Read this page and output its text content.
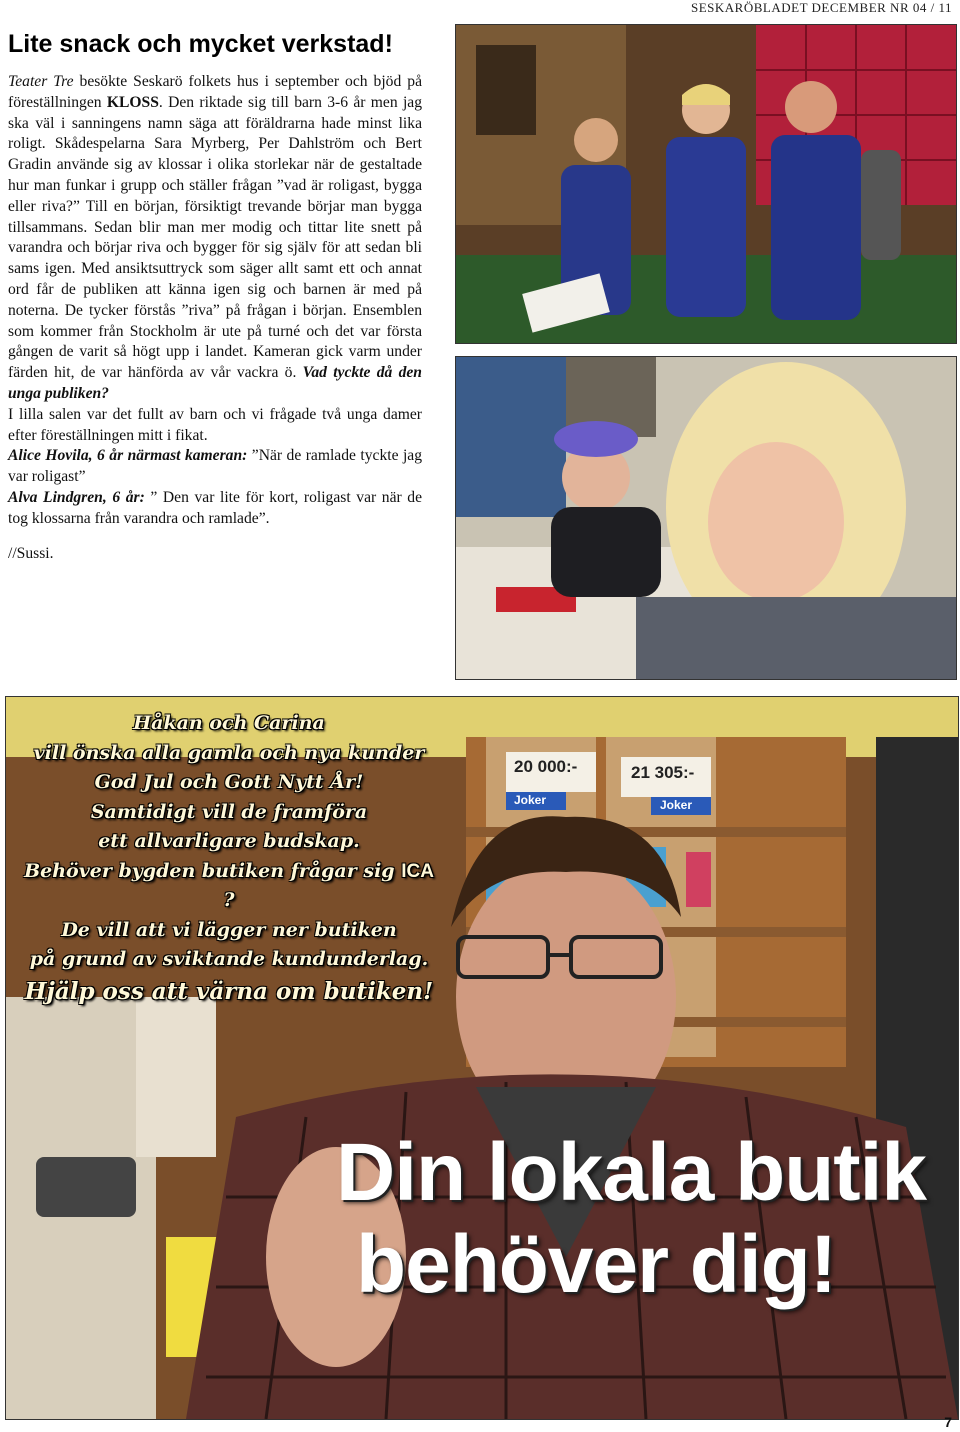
SESKARÖBLADET DECEMBER NR 04 / 11
Lite snack och mycket verkstad!

Teater Tre besökte Seskarö folkets hus i september och bjöd på föreställningen KLOSS. Den riktade sig till barn 3-6 år men jag ska väl i sanningens namn säga att föräldrarna hade minst lika roligt. Skådespelarna Sara Myrberg, Per Dahlström och Bert Gradin använde sig av klossar i olika storlekar när de gestaltade hur man funkar i grupp och ställer frågan ”vad är roligast, bygga eller riva?” Till en början, försiktigt trevande börjar man bygga tillsammans. Sedan blir man mer modig och tittar lite snett på varandra och börjar riva och bygger för sig själv för att sedan bli sams igen. Med ansiktsuttryck som säger allt samt ett och annat ord får de publiken att känna igen sig och barnen är med på noterna. De tycker förstås ”riva” på frågan i början. Ensemblen som kommer från Stockholm är ute på turné och det var första gången de varit så högt upp i landet. Kameran gick varm under färden hit, de var hänförda av vår vackra ö. Vad tyckte då den unga publiken?

I lilla salen var det fullt av barn och vi frågade två unga damer efter föreställningen mitt i fikat.

Alice Hovila, 6 år närmast kameran: ”När de ramlade tyckte jag var roligast”

Alva Lindgren, 6 år: ” Den var lite för kort, roligast var när de tog klossarna från varandra och ramlade”.

//Sussi.

Håkan och Carina
vill önska alla gamla och nya kunder
God Jul och Gott Nytt År!
Samtidigt vill de framföra
ett allvarligare budskap.
Behöver bygden butiken frågar sig ICA ?
De vill att vi lägger ner butiken
på grund av sviktande kundunderlag.
Hjälp oss att värna om butiken!
20 000:-	21 305:-
Joker	Joker
Din lokala butik
behöver dig!
7
